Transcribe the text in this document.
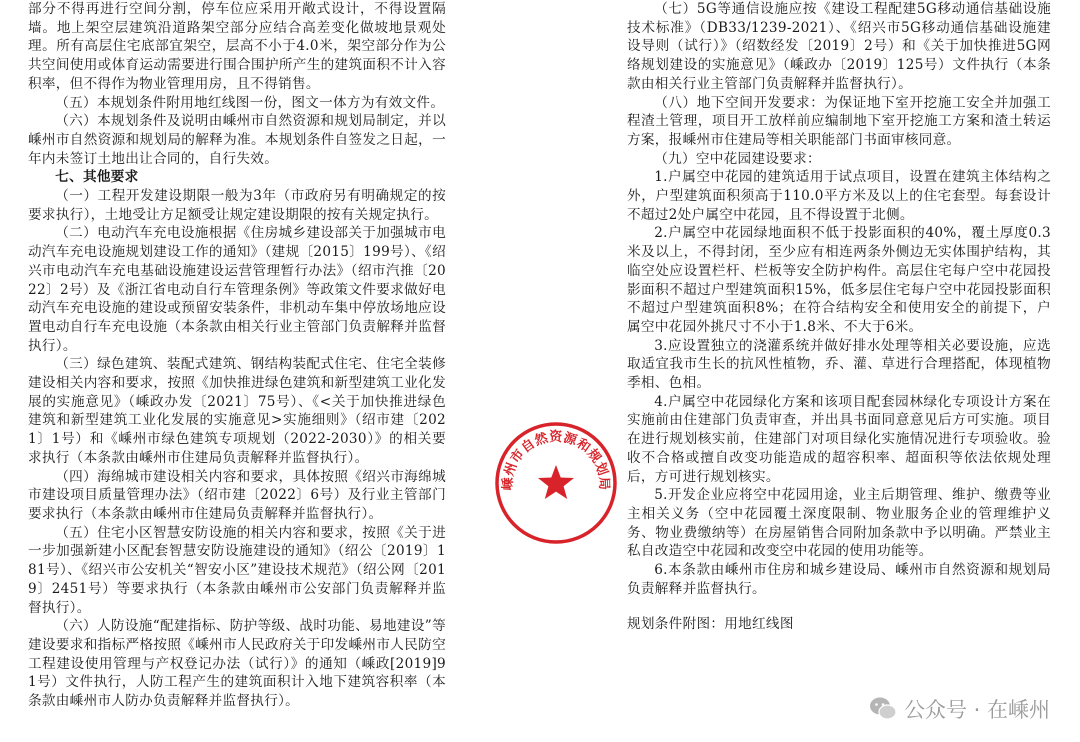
部分不得再进行空间分割，停车位应采用开敞式设计，不得设置隔墙。地上架空层建筑沿道路架空部分应结合高差变化做坡地景观处理。所有高层住宅底部宜架空，层高不小于4.0米，架空部分作为公共空间使用或体育运动需要进行围合围护所产生的建筑面积不计入容积率，但不得作为物业管理用房，且不得销售。

（五）本规划条件附用地红线图一份，图文一体方为有效文件。

（六）本规划条件及说明由嵊州市自然资源和规划局制定，并以嵊州市自然资源和规划局的解释为准。本规划条件自签发之日起，一年内未签订土地出让合同的，自行失效。

七、其他要求

（一）工程开发建设期限一般为3年（市政府另有明确规定的按要求执行），土地受让方足额受让规定建设期限的按有关规定执行。

（二）电动汽车充电设施根据《住房城乡建设部关于加强城市电动汽车充电设施规划建设工作的通知》（建规〔2015〕199号）、《绍兴市电动汽车充电基础设施建设运营管理暂行办法》（绍市汽推〔2022〕2号）及《浙江省电动自行车管理条例》等政策文件要求做好电动汽车充电设施的建设或预留安装条件，非机动车集中停放场地应设置电动自行车充电设施（本条款由相关行业主管部门负责解释并监督执行）。

（三）绿色建筑、装配式建筑、钢结构装配式住宅、住宅全装修建设相关内容和要求，按照《加快推进绿色建筑和新型建筑工业化发展的实施意见》（嵊政办发〔2021〕75号）、《<关于加快推进绿色建筑和新型建筑工业化发展的实施意见>实施细则》（绍市建〔2021〕1号）和《嵊州市绿色建筑专项规划（2022-2030）》的相关要求执行（本条款由嵊州市住建局负责解释并监督执行）。

（四）海绵城市建设相关内容和要求，具体按照《绍兴市海绵城市建设项目质量管理办法》（绍市建〔2022〕6号）及行业主管部门要求执行（本条款由嵊州市住建局负责解释并监督执行）。

（五）住宅小区智慧安防设施的相关内容和要求，按照《关于进一步加强新建小区配套智慧安防设施建设的通知》（绍公〔2019〕181号）、《绍兴市公安机关“智安小区”建设技术规范》（绍公网〔2019〕2451号）等要求执行（本条款由嵊州市公安部门负责解释并监督执行）。

（六）人防设施“配建指标、防护等级、战时功能、易地建设”等建设要求和指标严格按照《嵊州市人民政府关于印发嵊州市人民防空工程建设使用管理与产权登记办法（试行）》的通知（嵊政[2019]91号）文件执行，人防工程产生的建筑面积计入地下建筑容积率（本条款由嵊州市人防办负责解释并监督执行）。

（七）5G等通信设施应按《建设工程配建5G移动通信基础设施技术标准》（DB33/1239-2021）、《绍兴市5G移动通信基础设施建设导则（试行）》（绍数经发〔2019〕2号）和《关于加快推进5G网络规划建设的实施意见》（嵊政办〔2019〕125号）文件执行（本条款由相关行业主管部门负责解释并监督执行）。

（八）地下空间开发要求：为保证地下室开挖施工安全并加强工程渣土管理，项目开工放样前应编制地下室开挖施工方案和渣土转运方案，报嵊州市住建局等相关职能部门书面审核同意。

（九）空中花园建设要求：

1.户属空中花园的建筑适用于试点项目，设置在建筑主体结构之外，户型建筑面积须高于110.0平方米及以上的住宅套型。每套设计不超过2处户属空中花园，且不得设置于北侧。

2.户属空中花园绿地面积不低于投影面积的40%，覆土厚度0.3米及以上，不得封闭，至少应有相连两条外侧边无实体围护结构，其临空处应设置栏杆、栏板等安全防护构件。高层住宅每户空中花园投影面积不超过户型建筑面积15%，低多层住宅每户空中花园投影面积不超过户型建筑面积8%；在符合结构安全和使用安全的前提下，户属空中花园外挑尺寸不小于1.8米、不大于6米。

3.应设置独立的浇灌系统并做好排水处理等相关必要设施，应选取适宜我市生长的抗风性植物，乔、灌、草进行合理搭配，体现植物季相、色相。

4.户属空中花园绿化方案和该项目配套园林绿化专项设计方案在实施前由住建部门负责审查，并出具书面同意意见后方可实施。项目在进行规划核实前，住建部门对项目绿化实施情况进行专项验收。验收不合格或擅自改变功能造成的超容积率、超面积等依法依规处理后，方可进行规划核实。

5.开发企业应将空中花园用途，业主后期管理、维护、缴费等业主相关义务（空中花园覆土深度限制、物业服务企业的管理维护义务、物业费缴纳等）在房屋销售合同附加条款中予以明确。严禁业主私自改造空中花园和改变空中花园的使用功能等。

6.本条款由嵊州市住房和城乡建设局、嵊州市自然资源和规划局负责解释并监督执行。

规划条件附图：用地红线图

嵊州市自然资源和规划局
公众号 · 在嵊州
